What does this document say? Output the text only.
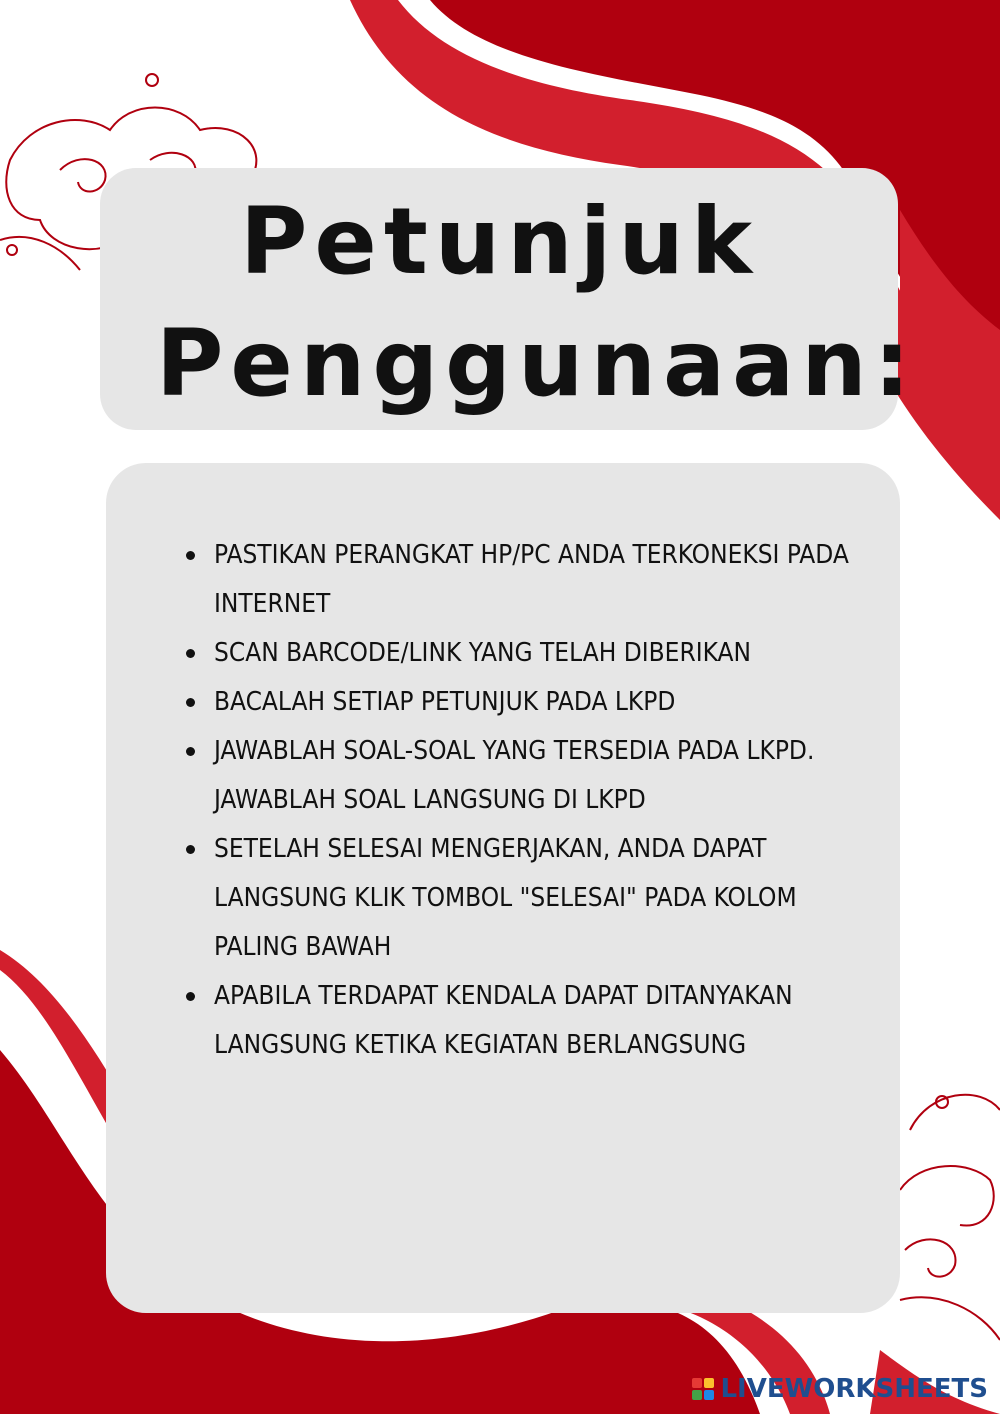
Petunjuk
Penggunaan:
PASTIKAN PERANGKAT HP/PC ANDA TERKONEKSI PADA INTERNET
SCAN BARCODE/LINK YANG TELAH DIBERIKAN
BACALAH SETIAP PETUNJUK PADA LKPD
JAWABLAH SOAL-SOAL YANG TERSEDIA PADA LKPD. JAWABLAH SOAL LANGSUNG DI LKPD
SETELAH SELESAI MENGERJAKAN, ANDA DAPAT LANGSUNG KLIK TOMBOL "SELESAI" PADA KOLOM PALING BAWAH
APABILA TERDAPAT KENDALA DAPAT DITANYAKAN LANGSUNG KETIKA KEGIATAN BERLANGSUNG
LIVEWORKSHEETS
